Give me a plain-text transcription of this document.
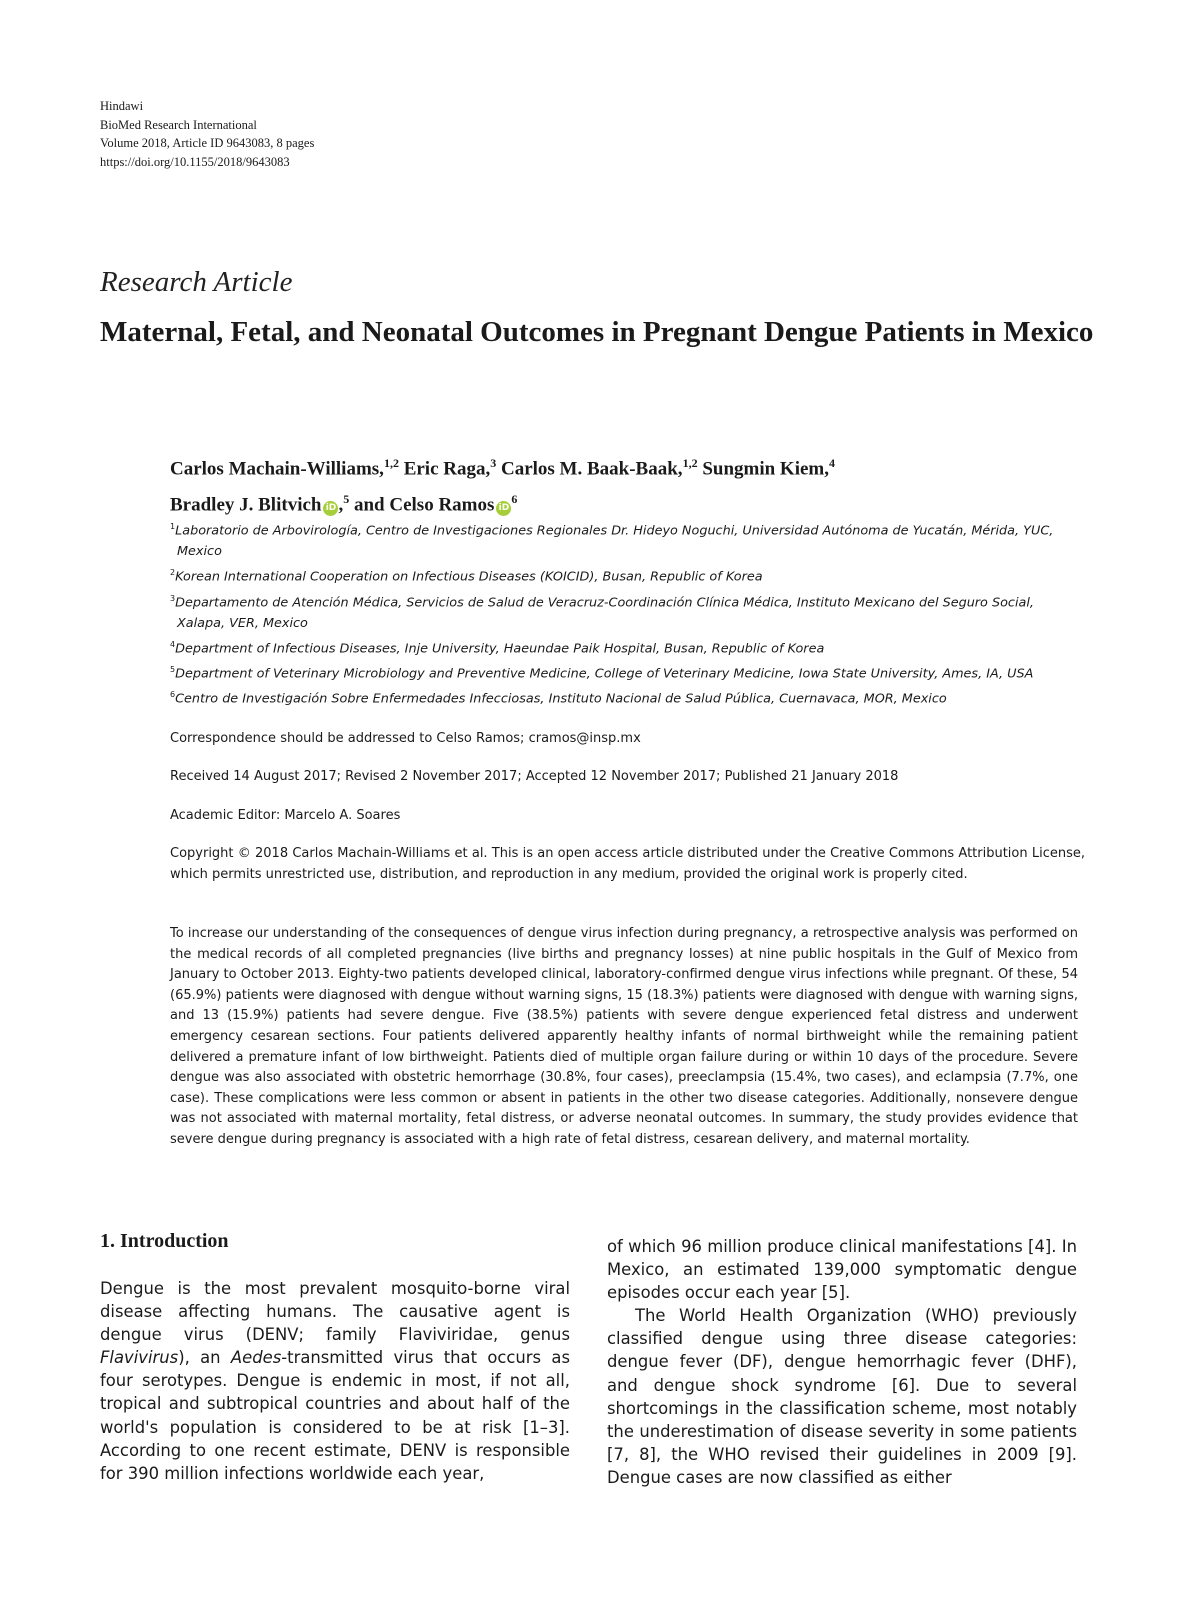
Hindawi
BioMed Research International
Volume 2018, Article ID 9643083, 8 pages
https://doi.org/10.1155/2018/9643083
Research Article
Maternal, Fetal, and Neonatal Outcomes in Pregnant Dengue Patients in Mexico
Carlos Machain-Williams,$^{1,2}$ Eric Raga,$^3$ Carlos M. Baak-Baak,$^{1,2}$ Sungmin Kiem,$^4$
Bradley J. Blitvich iD ,$^5$ and Celso Ramos $iD^6$
$^1$Laboratorio de Arbovirología, Centro de Investigaciones Regionales Dr. Hideyo Noguchi, Universidad Autónoma de Yucatán, Mérida, YUC, Mexico
$^2$Korean International Cooperation on Infectious Diseases (KOICID), Busan, Republic of Korea
$^3$Departamento de Atención Médica, Servicios de Salud de Veracruz-Coordinación Clínica Médica, Instituto Mexicano del Seguro Social, Xalapa, VER, Mexico
$^4$Department of Infectious Diseases, Inje University, Haeundae Paik Hospital, Busan, Republic of Korea
$^5$Department of Veterinary Microbiology and Preventive Medicine, College of Veterinary Medicine, Iowa State University, Ames, IA, USA
$^6$Centro de Investigación Sobre Enfermedades Infecciosas, Instituto Nacional de Salud Pública, Cuernavaca, MOR, Mexico
Correspondence should be addressed to Celso Ramos; cramos@insp.mx
Received 14 August 2017; Revised 2 November 2017; Accepted 12 November 2017; Published 21 January 2018
Academic Editor: Marcelo A. Soares
Copyright © 2018 Carlos Machain-Williams et al. This is an open access article distributed under the Creative Commons Attribution License, which permits unrestricted use, distribution, and reproduction in any medium, provided the original work is properly cited.
To increase our understanding of the consequences of dengue virus infection during pregnancy, a retrospective analysis was performed on the medical records of all completed pregnancies (live births and pregnancy losses) at nine public hospitals in the Gulf of Mexico from January to October 2013. Eighty-two patients developed clinical, laboratory-confirmed dengue virus infections while pregnant. Of these, 54 (65.9%) patients were diagnosed with dengue without warning signs, 15 (18.3%) patients were diagnosed with dengue with warning signs, and 13 (15.9%) patients had severe dengue. Five (38.5%) patients with severe dengue experienced fetal distress and underwent emergency cesarean sections. Four patients delivered apparently healthy infants of normal birthweight while the remaining patient delivered a premature infant of low birthweight. Patients died of multiple organ failure during or within 10 days of the procedure. Severe dengue was also associated with obstetric hemorrhage (30.8%, four cases), preeclampsia (15.4%, two cases), and eclampsia (7.7%, one case). These complications were less common or absent in patients in the other two disease categories. Additionally, nonsevere dengue was not associated with maternal mortality, fetal distress, or adverse neonatal outcomes. In summary, the study provides evidence that severe dengue during pregnancy is associated with a high rate of fetal distress, cesarean delivery, and maternal mortality.
1. Introduction

Dengue is the most prevalent mosquito-borne viral disease affecting humans. The causative agent is dengue virus (DENV; family Flaviviridae, genus Flavivirus), an Aedes-transmitted virus that occurs as four serotypes. Dengue is endemic in most, if not all, tropical and subtropical countries and about half of the world's population is considered to be at risk [1–3]. According to one recent estimate, DENV is responsible for 390 million infections worldwide each year,

of which 96 million produce clinical manifestations [4]. In Mexico, an estimated 139,000 symptomatic dengue episodes occur each year [5].

The World Health Organization (WHO) previously classified dengue using three disease categories: dengue fever (DF), dengue hemorrhagic fever (DHF), and dengue shock syndrome [6]. Due to several shortcomings in the classification scheme, most notably the underestimation of disease severity in some patients [7, 8], the WHO revised their guidelines in 2009 [9]. Dengue cases are now classified as either
